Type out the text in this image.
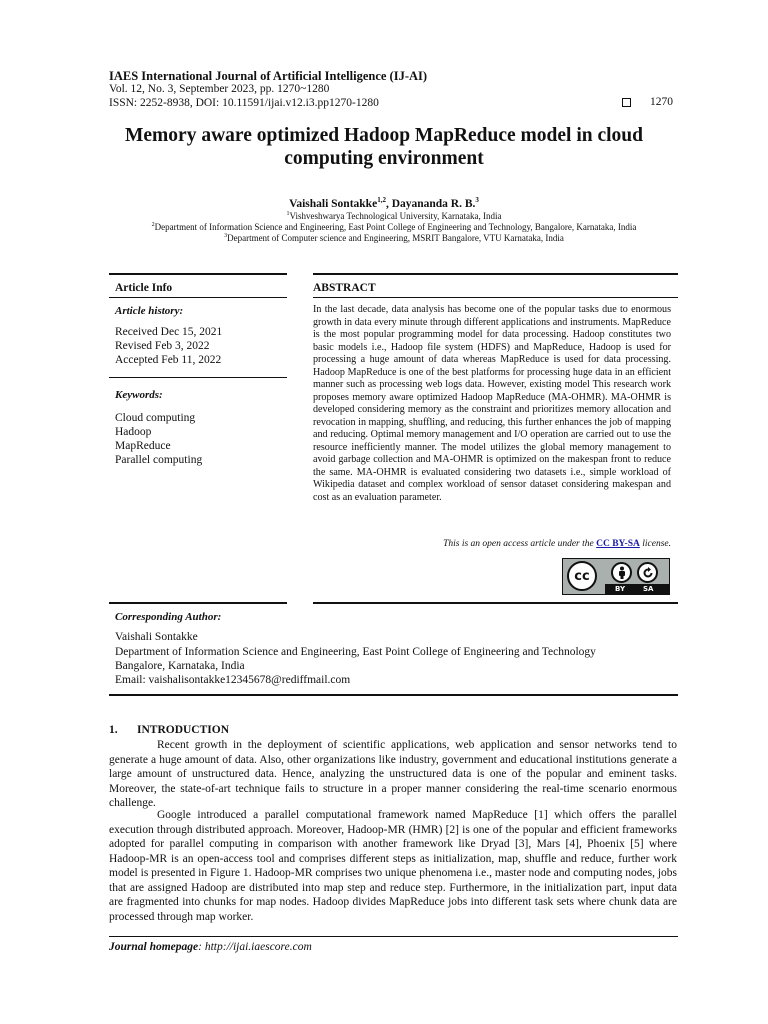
IAES International Journal of Artificial Intelligence (IJ-AI)
Vol. 12, No. 3, September 2023, pp. 1270~1280
ISSN: 2252-8938, DOI: 10.11591/ijai.v12.i3.pp1270-1280	1270
Memory aware optimized Hadoop MapReduce model in cloud computing environment
Vaishali Sontakke$^{1,2}$, Dayananda R. B.$^3$
$^1$Vishveshwarya Technological University, Karnataka, India
$^2$Department of Information Science and Engineering, East Point College of Engineering and Technology, Bangalore, Karnataka, India
$^3$Department of Computer science and Engineering, MSRIT Bangalore, VTU Karnataka, India
Article Info
Article history:
Received Dec 15, 2021
Revised Feb 3, 2022
Accepted Feb 11, 2022
Keywords:
Cloud computing
Hadoop
MapReduce
Parallel computing
ABSTRACT
In the last decade, data analysis has become one of the popular tasks due to enormous growth in data every minute through different applications and instruments. MapReduce is the most popular programming model for data processing. Hadoop constitutes two basic models i.e., Hadoop file system (HDFS) and MapReduce, Hadoop is used for processing a huge amount of data whereas MapReduce is used for data processing. Hadoop MapReduce is one of the best platforms for processing huge data in an efficient manner such as processing web logs data. However, existing model This research work proposes memory aware optimized Hadoop MapReduce (MA-OHMR). MA-OHMR is developed considering memory as the constraint and prioritizes memory allocation and revocation in mapping, shuffling, and reducing, this further enhances the job of mapping and reducing. Optimal memory management and I/O operation are carried out to use the resource inefficiently manner. The model utilizes the global memory management to avoid garbage collection and MA-OHMR is optimized on the makespan front to reduce the same. MA-OHMR is evaluated considering two datasets i.e., simple workload of Wikipedia dataset and complex workload of sensor dataset considering makespan and cost as an evaluation parameter.
This is an open access article under the CC BY-SA license.
cc
BY	SA
Corresponding Author:
Vaishali Sontakke
Department of Information Science and Engineering, East Point College of Engineering and Technology
Bangalore, Karnataka, India
Email: vaishalisontakke12345678@rediffmail.com
1. INTRODUCTION
Recent growth in the deployment of scientific applications, web application and sensor networks tend to generate a huge amount of data. Also, other organizations like industry, government and educational institutions generate a large amount of unstructured data. Hence, analyzing the unstructured data is one of the popular and eminent tasks. Moreover, the state-of-art technique fails to structure in a proper manner considering the real-time scenario enormous challenge.
Google introduced a parallel computational framework named MapReduce [1] which offers the parallel execution through distributed approach. Moreover, Hadoop-MR (HMR) [2] is one of the popular and efficient frameworks adopted for parallel computing in comparison with another framework like Dryad [3], Mars [4], Phoenix [5] where Hadoop-MR is an open-access tool and comprises different steps as initialization, map, shuffle and reduce, further work model is presented in Figure 1. Hadoop-MR comprises two unique phenomena i.e., master node and computing nodes, jobs that are assigned Hadoop are distributed into map step and reduce step. Furthermore, in the initialization part, input data are fragmented into chunks for map nodes. Hadoop divides MapReduce jobs into different task sets where chunk data are processed through map worker.
Journal homepage: http://ijai.iaescore.com
